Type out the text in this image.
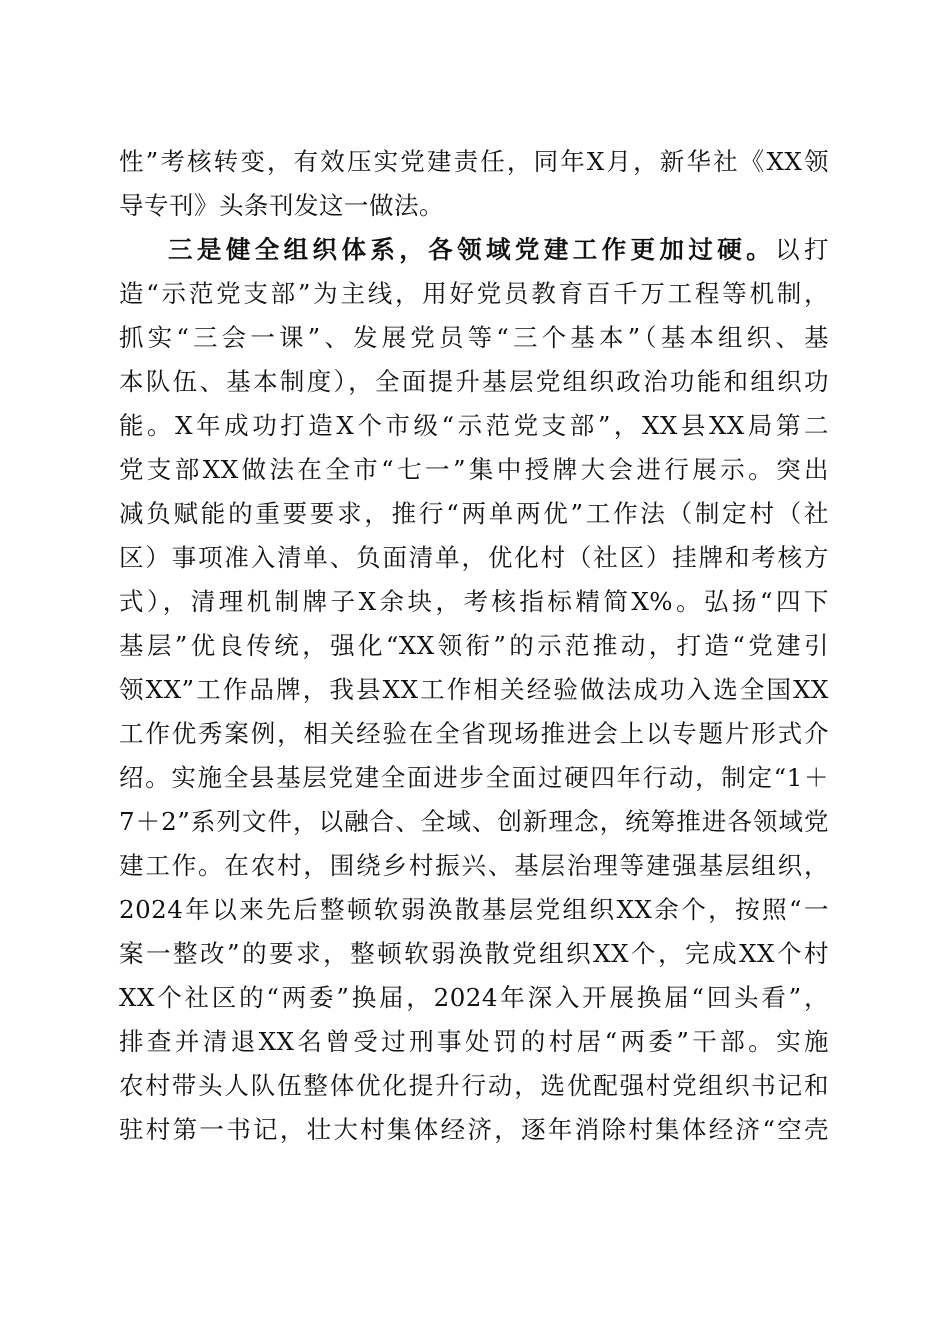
性”考核转变，有效压实党建责任，同年X月，新华社《XX领
导专刊》头条刊发这一做法。
三是健全组织体系，各领域党建工作更加过硬。以打
造“示范党支部”为主线，用好党员教育百千万工程等机制，
抓实“三会一课”、发展党员等“三个基本”（基本组织、基
本队伍、基本制度），全面提升基层党组织政治功能和组织功
能。X年成功打造X个市级“示范党支部”，XX县XX局第二
党支部XX做法在全市“七一”集中授牌大会进行展示。突出
减负赋能的重要要求，推行“两单两优”工作法（制定村（社
区）事项准入清单、负面清单，优化村（社区）挂牌和考核方
式），清理机制牌子X余块，考核指标精简X%。弘扬“四下
基层”优良传统，强化“XX领衔”的示范推动，打造“党建引
领XX”工作品牌，我县XX工作相关经验做法成功入选全国XX
工作优秀案例，相关经验在全省现场推进会上以专题片形式介
绍。实施全县基层党建全面进步全面过硬四年行动，制定“1＋
7＋2”系列文件，以融合、全域、创新理念，统筹推进各领域党
建工作。在农村，围绕乡村振兴、基层治理等建强基层组织，
2024年以来先后整顿软弱涣散基层党组织XX余个，按照“一
案一整改”的要求，整顿软弱涣散党组织XX个，完成XX个村
XX个社区的“两委”换届，2024年深入开展换届“回头看”，
排查并清退XX名曾受过刑事处罚的村居“两委”干部。实施
农村带头人队伍整体优化提升行动，选优配强村党组织书记和
驻村第一书记，壮大村集体经济，逐年消除村集体经济“空壳
